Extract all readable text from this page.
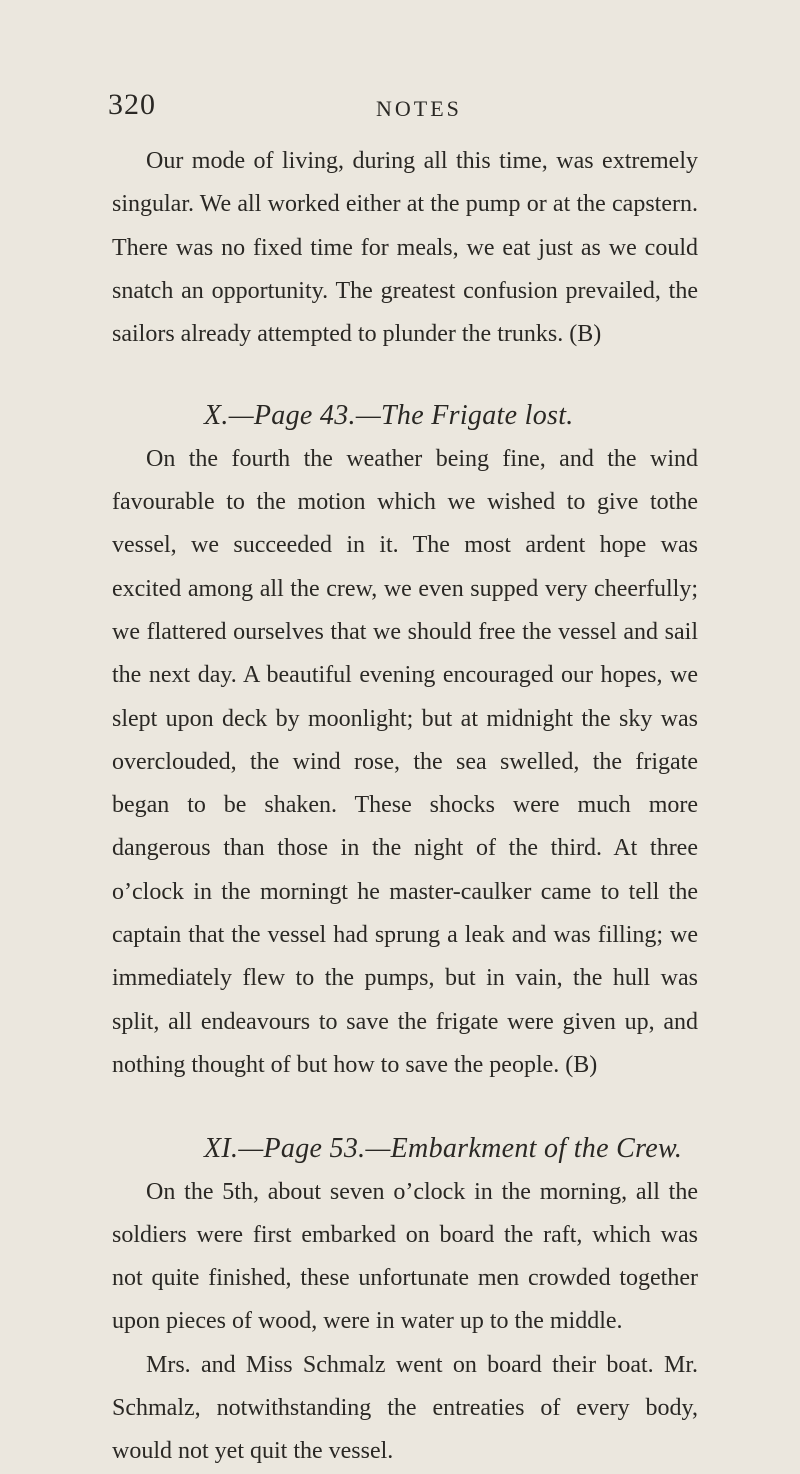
320	NOTES

Our mode of living, during all this time, was extremely singular. We all worked either at the pump or at the capstern. There was no fixed time for meals, we eat just as we could snatch an opportunity. The greatest confusion prevailed, the sailors already attempted to plunder the trunks. (B)

X.—Page 43.—The Frigate lost.

On the fourth the weather being fine, and the wind favourable to the motion which we wished to give tothe vessel, we succeeded in it. The most ardent hope was excited among all the crew, we even supped very cheerfully; we flattered ourselves that we should free the vessel and sail the next day. A beautiful evening encouraged our hopes, we slept upon deck by moonlight; but at midnight the sky was overclouded, the wind rose, the sea swelled, the frigate began to be shaken. These shocks were much more dangerous than those in the night of the third. At three o’clock in the morningt he master-caulker came to tell the captain that the vessel had sprung a leak and was filling; we immediately flew to the pumps, but in vain, the hull was split, all endeavours to save the frigate were given up, and nothing thought of but how to save the people. (B)

XI.—Page 53.—Embarkment of the Crew.

On the 5th, about seven o’clock in the morning, all the soldiers were first embarked on board the raft, which was not quite finished, these unfortunate men crowded together upon pieces of wood, were in water up to the middle.

Mrs. and Miss Schmalz went on board their boat. Mr. Schmalz, notwithstanding the entreaties of every body, would not yet quit the vessel.
